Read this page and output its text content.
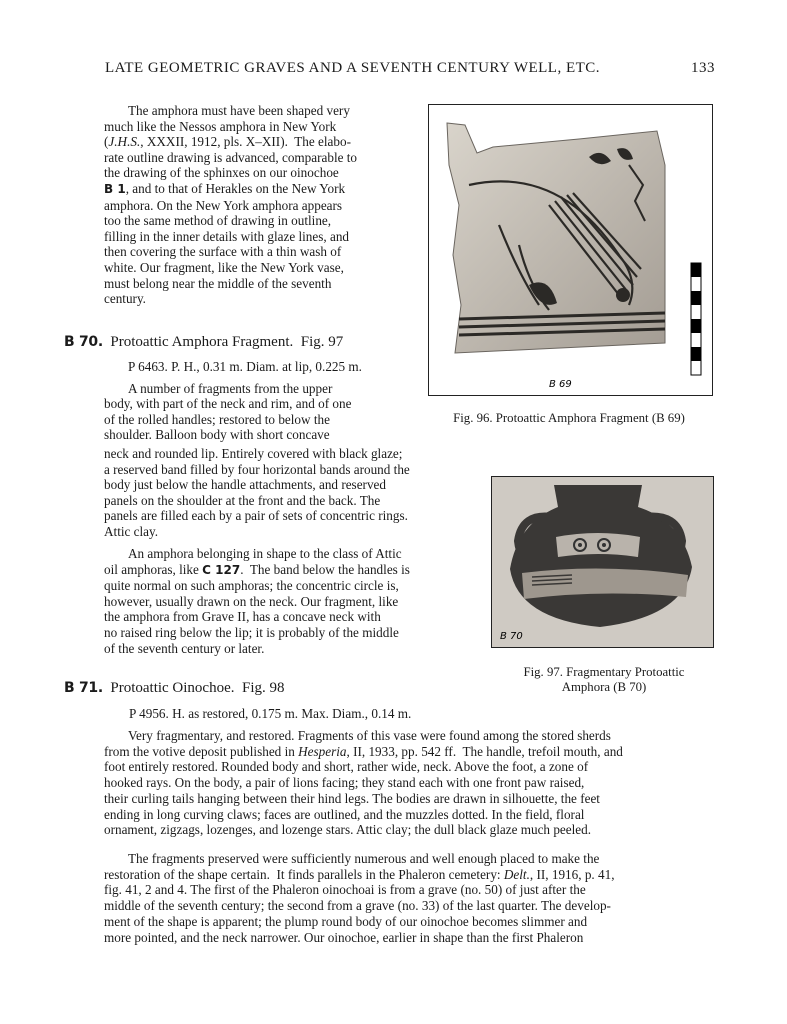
LATE GEOMETRIC GRAVES AND A SEVENTH CENTURY WELL, ETC.	133
The amphora must have been shaped very
much like the Nessos amphora in New York
(J.H.S., XXXII, 1912, pls. X–XII).  The elabo-
rate outline drawing is advanced, comparable to
the drawing of the sphinxes on our oinochoe
B 1, and to that of Herakles on the New York
amphora. On the New York amphora appears
too the same method of drawing in outline,
filling in the inner details with glaze lines, and
then covering the surface with a thin wash of
white. Our fragment, like the New York vase,
must belong near the middle of the seventh
century.
B 69
Fig. 96. Protoattic Amphora Fragment (B 69)
B 70. Protoattic Amphora Fragment. Fig. 97
P 6463. P. H., 0.31 m. Diam. at lip, 0.225 m.
A number of fragments from the upper
body, with part of the neck and rim, and of one
of the rolled handles; restored to below the
shoulder. Balloon body with short concave
neck and rounded lip. Entirely covered with black glaze;
a reserved band filled by four horizontal bands around the
body just below the handle attachments, and reserved
panels on the shoulder at the front and the back. The
panels are filled each by a pair of sets of concentric rings.
Attic clay.
An amphora belonging in shape to the class of Attic
oil amphoras, like C 127.  The band below the handles is
quite normal on such amphoras; the concentric circle is,
however, usually drawn on the neck. Our fragment, like
the amphora from Grave II, has a concave neck with
no raised ring below the lip; it is probably of the middle
of the seventh century or later.
B 70
Fig. 97. Fragmentary Protoattic
Amphora (B 70)
B 71. Protoattic Oinochoe. Fig. 98
P 4956. H. as restored, 0.175 m. Max. Diam., 0.14 m.
Very fragmentary, and restored. Fragments of this vase were found among the stored sherds
from the votive deposit published in Hesperia, II, 1933, pp. 542 ff.  The handle, trefoil mouth, and
foot entirely restored. Rounded body and short, rather wide, neck. Above the foot, a zone of
hooked rays. On the body, a pair of lions facing; they stand each with one front paw raised,
their curling tails hanging between their hind legs. The bodies are drawn in silhouette, the feet
ending in long curving claws; faces are outlined, and the muzzles dotted. In the field, floral
ornament, zigzags, lozenges, and lozenge stars. Attic clay; the dull black glaze much peeled.
The fragments preserved were sufficiently numerous and well enough placed to make the
restoration of the shape certain.  It finds parallels in the Phaleron cemetery: Delt., II, 1916, p. 41,
fig. 41, 2 and 4. The first of the Phaleron oinochoai is from a grave (no. 50) of just after the
middle of the seventh century; the second from a grave (no. 33) of the last quarter. The develop-
ment of the shape is apparent; the plump round body of our oinochoe becomes slimmer and
more pointed, and the neck narrower. Our oinochoe, earlier in shape than the first Phaleron
